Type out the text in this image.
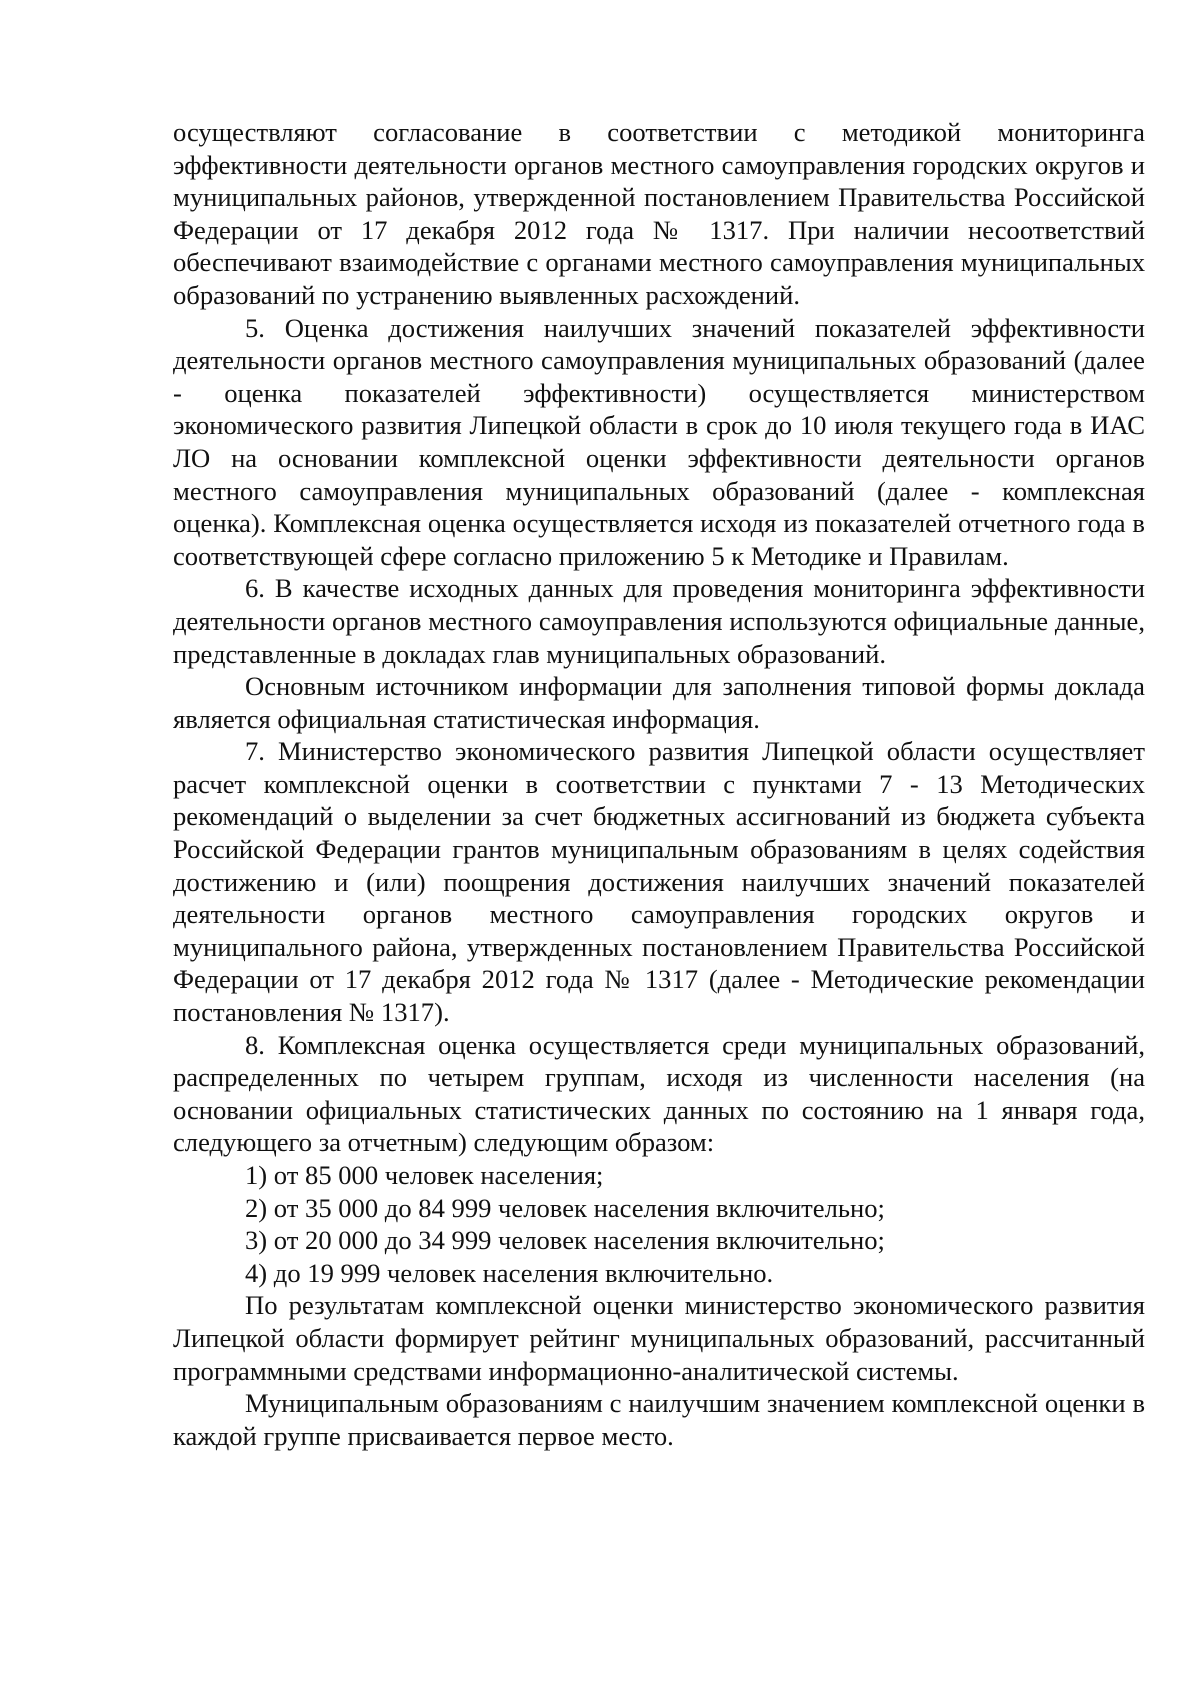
осуществляют согласование в соответствии с методикой мониторинга эффективности деятельности органов местного самоуправления городских округов и муниципальных районов, утвержденной постановлением Правительства Российской Федерации от 17 декабря 2012 года № 1317. При наличии несоответствий обеспечивают взаимодействие с органами местного самоуправления муниципальных образований по устранению выявленных расхождений.

5. Оценка достижения наилучших значений показателей эффективности деятельности органов местного самоуправления муниципальных образований (далее - оценка показателей эффективности) осуществляется министерством экономического развития Липецкой области в срок до 10 июля текущего года в ИАС ЛО на основании комплексной оценки эффективности деятельности органов местного самоуправления муниципальных образований (далее - комплексная оценка). Комплексная оценка осуществляется исходя из показателей отчетного года в соответствующей сфере согласно приложению 5 к Методике и Правилам.

6. В качестве исходных данных для проведения мониторинга эффективности деятельности органов местного самоуправления используются официальные данные, представленные в докладах глав муниципальных образований.

Основным источником информации для заполнения типовой формы доклада является официальная статистическая информация.

7. Министерство экономического развития Липецкой области осуществляет расчет комплексной оценки в соответствии с пунктами 7 - 13 Методических рекомендаций о выделении за счет бюджетных ассигнований из бюджета субъекта Российской Федерации грантов муниципальным образованиям в целях содействия достижению и (или) поощрения достижения наилучших значений показателей деятельности органов местного самоуправления городских округов и муниципального района, утвержденных постановлением Правительства Российской Федерации от 17 декабря 2012 года № 1317 (далее - Методические рекомендации постановления № 1317).

8. Комплексная оценка осуществляется среди муниципальных образований, распределенных по четырем группам, исходя из численности населения (на основании официальных статистических данных по состоянию на 1 января года, следующего за отчетным) следующим образом:

1) от 85 000 человек населения;

2) от 35 000 до 84 999 человек населения включительно;

3) от 20 000 до 34 999 человек населения включительно;

4) до 19 999 человек населения включительно.

По результатам комплексной оценки министерство экономического развития Липецкой области формирует рейтинг муниципальных образований, рассчитанный программными средствами информационно-аналитической системы.

Муниципальным образованиям с наилучшим значением комплексной оценки в каждой группе присваивается первое место.
